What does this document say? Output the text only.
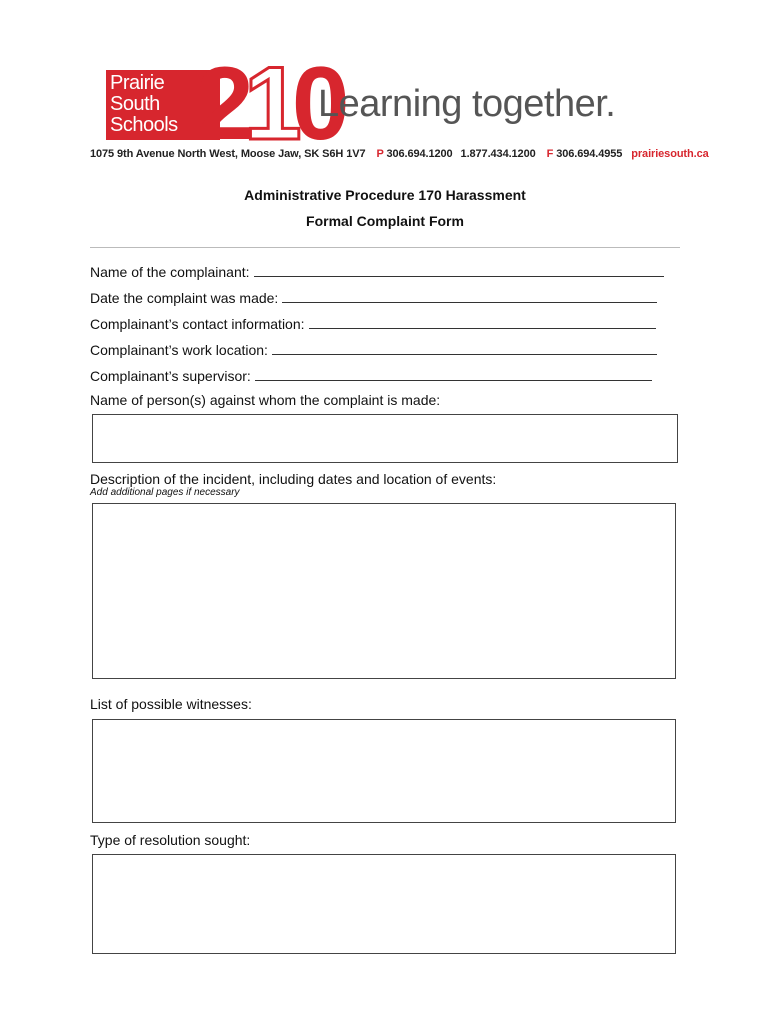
Prairie
South
Schools 210
Learning together.
1075 9th Avenue North West, Moose Jaw, SK S6H 1V7 P 306.694.1200 1.877.434.1200 F 306.694.4955 prairiesouth.ca
Administrative Procedure 170 Harassment
Formal Complaint Form
Name of the complainant:
Date the complaint was made:
Complainant’s contact information:
Complainant’s work location:
Complainant’s supervisor:
Name of person(s) against whom the complaint is made:
Description of the incident, including dates and location of events:
Add additional pages if necessary
List of possible witnesses:
Type of resolution sought:
